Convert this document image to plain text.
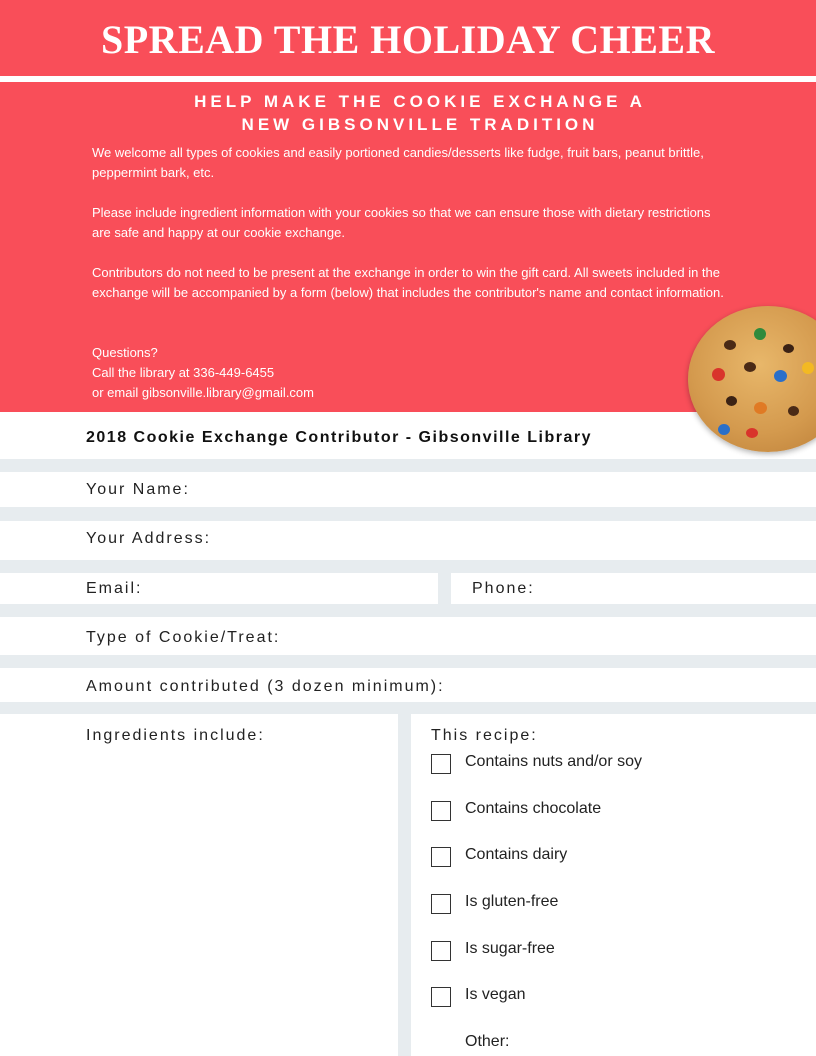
SPREAD THE HOLIDAY CHEER
HELP MAKE THE COOKIE EXCHANGE A
NEW GIBSONVILLE TRADITION

We welcome all types of cookies and easily portioned candies/desserts like fudge, fruit bars, peanut brittle, peppermint bark, etc.

Please include ingredient information with your cookies so that we can ensure those with dietary restrictions are safe and happy at our cookie exchange.

Contributors do not need to be present at the exchange in order to win the gift card. All sweets included in the exchange will be accompanied by a form (below) that includes the contributor's name and contact information.

Questions?

Call the library at 336-449-6455

or email gibsonville.library@gmail.com

2018 Cookie Exchange Contributor - Gibsonville Library
Your Name:
Your Address:
Email:	Phone:
Type of Cookie/Treat:
Amount contributed (3 dozen minimum):
Ingredients include:	This recipe:
Contains nuts and/or soy
Contains chocolate
Contains dairy
Is gluten-free
Is sugar-free
Is vegan
Other:
